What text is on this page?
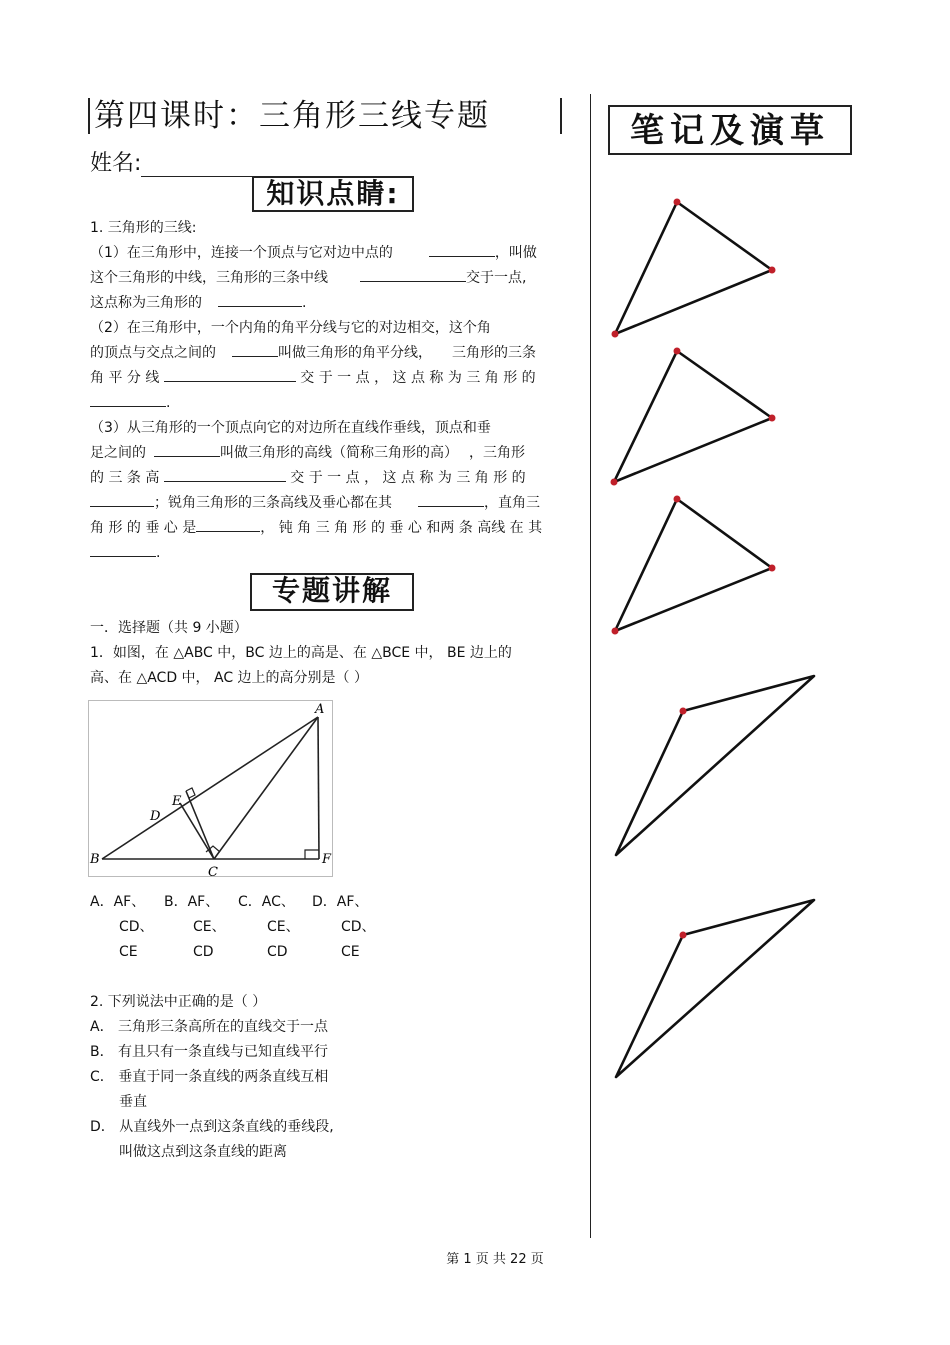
第四课时：三角形三线专题
姓名:
知识点睛:

1. 三角形的三线:

（1）在三角形中，连接一个顶点与它对边中点的	，叫做

这个三角形的中线，三角形的三条中线	交于一点,

这点称为三角形的	.

（2）在三角形中，一个内角的角平分线与它的对边相交，这个角

的顶点与交点之间的	叫做三角形的角平分线， 三角形的三条

角 平 分 线	交 于 一 点 ， 这 点 称 为 三 角 形 的

.

（3）从三角形的一个顶点向它的对边所在直线作垂线，顶点和垂

足之间的	叫做三角形的高线（简称三角形的高） ，三角形

的 三 条 高	交 于 一 点 ， 这 点 称 为 三 角 形 的

；锐角三角形的三条高线及垂心都在其	，直角三

角 形 的 垂 心 是	， 钝 角 三 角 形 的 垂 心 和两 条 高线 在 其

.

专题讲解

一．选择题（共 9 小题）

1．如图，在 △ABC 中，BC 边上的高是、在 △BCE 中， BE 边上的

高、在 △ACD 中， AC 边上的高分别是（ ）

A
B
C
D
E
F
A．AF、
CD、
CE
B．AF、
CE、
CD
C．AC、
CE、
CD
D．AF、
CD、
CE

2. 下列说法中正确的是（ ）

A． 三角形三条高所在的直线交于一点

B． 有且只有一条直线与已知直线平行

C． 垂直于同一条直线的两条直线互相

垂直

D． 从直线外一点到这条直线的垂线段,

叫做这点到这条直线的距离

笔记及演草
第 1 页 共 22 页
